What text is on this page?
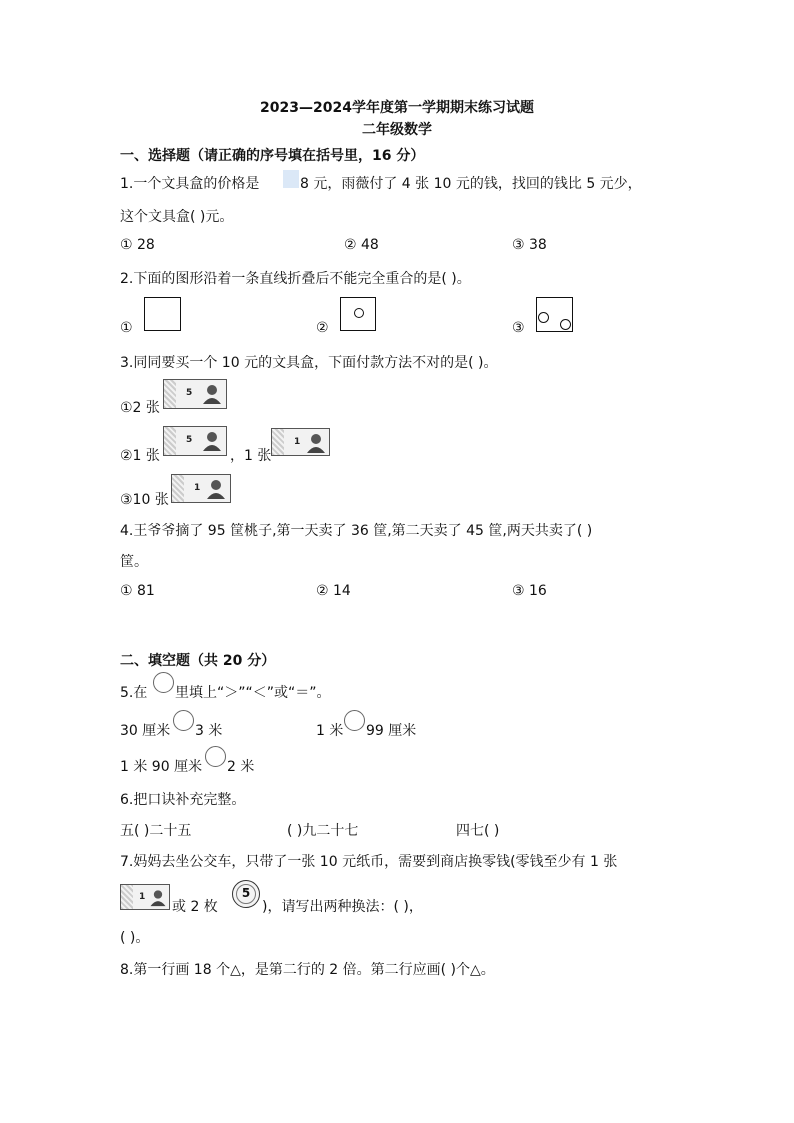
2023—2024学年度第一学期期末练习试题
二年级数学
一、选择题（请正确的序号填在括号里，16 分）
1.一个文具盒的价格是	8 元，雨薇付了 4 张 10 元的钱，找回的钱比 5 元少，
这个文具盒( )元。
① 28	② 48	③ 38
2.下面的图形沿着一条直线折叠后不能完全重合的是( )。
①	②	③
3.同同要买一个 10 元的文具盒，下面付款方法不对的是( )。
①2 张
5
②1 张
5
，1 张
1
③10 张
1
4.王爷爷摘了 95 筐桃子,第一天卖了 36 筐,第二天卖了 45 筐,两天共卖了( )
筐。
① 81	② 14	③ 16
二、填空题（共 20 分）
5.在 里填上“＞”“＜”或“＝”。
30 厘米 3 米	1 米 99 厘米
1 米 90 厘米 2 米
6.把口诀补充完整。
五( )二十五	( )九二十七	四七( )
7.妈妈去坐公交车，只带了一张 10 元纸币，需要到商店换零钱(零钱至少有 1 张
1
或 2 枚
5
)，请写出两种换法：( )，
( )。
8.第一行画 18 个△，是第二行的 2 倍。第二行应画( )个△。
